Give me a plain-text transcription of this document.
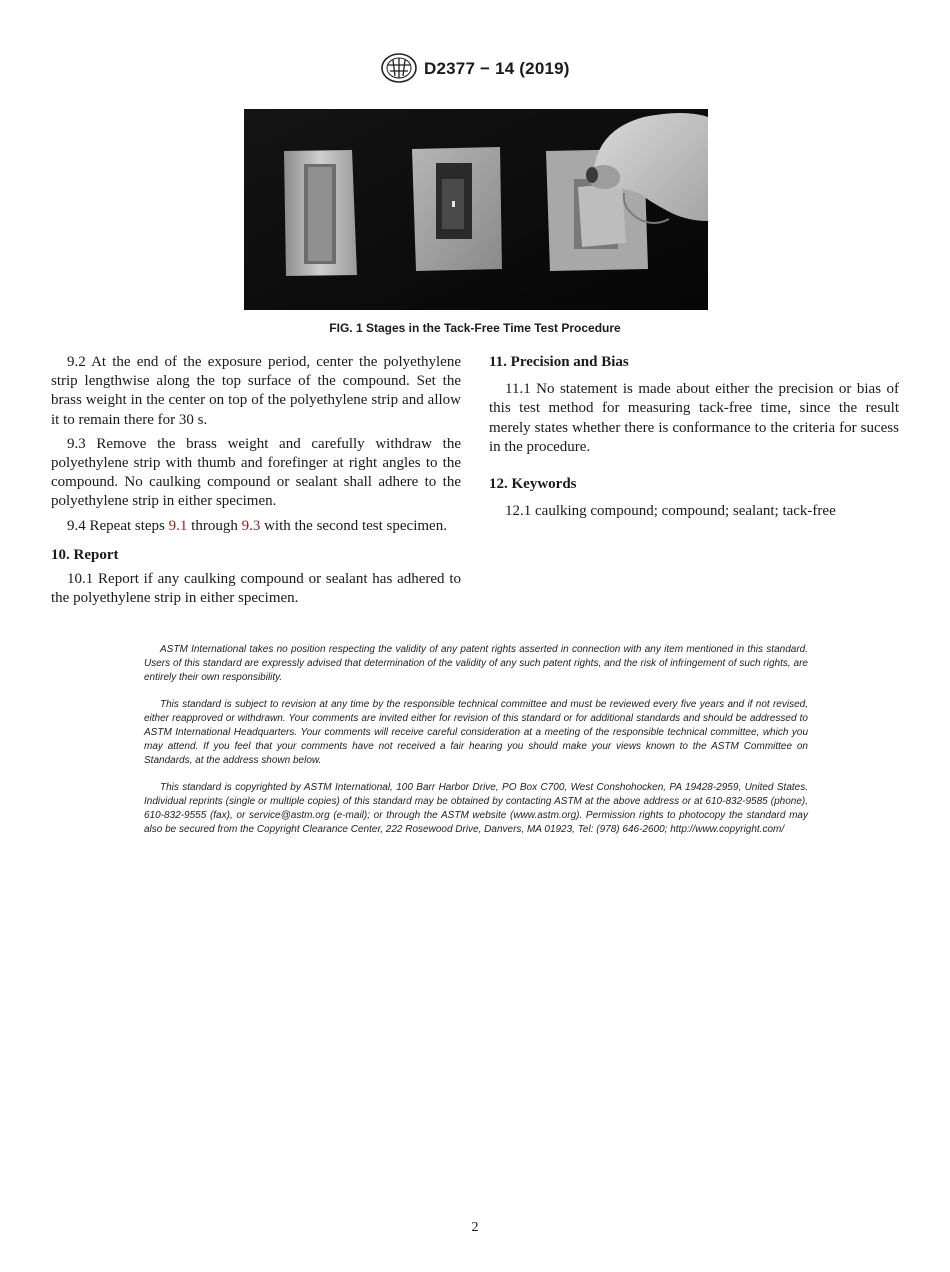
D2377 − 14 (2019)
FIG. 1 Stages in the Tack-Free Time Test Procedure

9.2 At the end of the exposure period, center the polyethylene strip lengthwise along the top surface of the compound. Set the brass weight in the center on top of the polyethylene strip and allow it to remain there for 30 s.

9.3 Remove the brass weight and carefully withdraw the polyethylene strip with thumb and forefinger at right angles to the compound. No caulking compound or sealant shall adhere to the polyethylene strip in either specimen.

9.4 Repeat steps 9.1 through 9.3 with the second test specimen.

10. Report

10.1 Report if any caulking compound or sealant has adhered to the polyethylene strip in either specimen.

11. Precision and Bias

11.1 No statement is made about either the precision or bias of this test method for measuring tack-free time, since the result merely states whether there is conformance to the criteria for sucess in the procedure.

12. Keywords

12.1 caulking compound; compound; sealant; tack-free

ASTM International takes no position respecting the validity of any patent rights asserted in connection with any item mentioned in this standard. Users of this standard are expressly advised that determination of the validity of any such patent rights, and the risk of infringement of such rights, are entirely their own responsibility.

This standard is subject to revision at any time by the responsible technical committee and must be reviewed every five years and if not revised, either reapproved or withdrawn. Your comments are invited either for revision of this standard or for additional standards and should be addressed to ASTM International Headquarters. Your comments will receive careful consideration at a meeting of the responsible technical committee, which you may attend. If you feel that your comments have not received a fair hearing you should make your views known to the ASTM Committee on Standards, at the address shown below.

This standard is copyrighted by ASTM International, 100 Barr Harbor Drive, PO Box C700, West Conshohocken, PA 19428-2959, United States. Individual reprints (single or multiple copies) of this standard may be obtained by contacting ASTM at the above address or at 610-832-9585 (phone), 610-832-9555 (fax), or service@astm.org (e-mail); or through the ASTM website (www.astm.org). Permission rights to photocopy the standard may also be secured from the Copyright Clearance Center, 222 Rosewood Drive, Danvers, MA 01923, Tel: (978) 646-2600; http://www.copyright.com/

2
